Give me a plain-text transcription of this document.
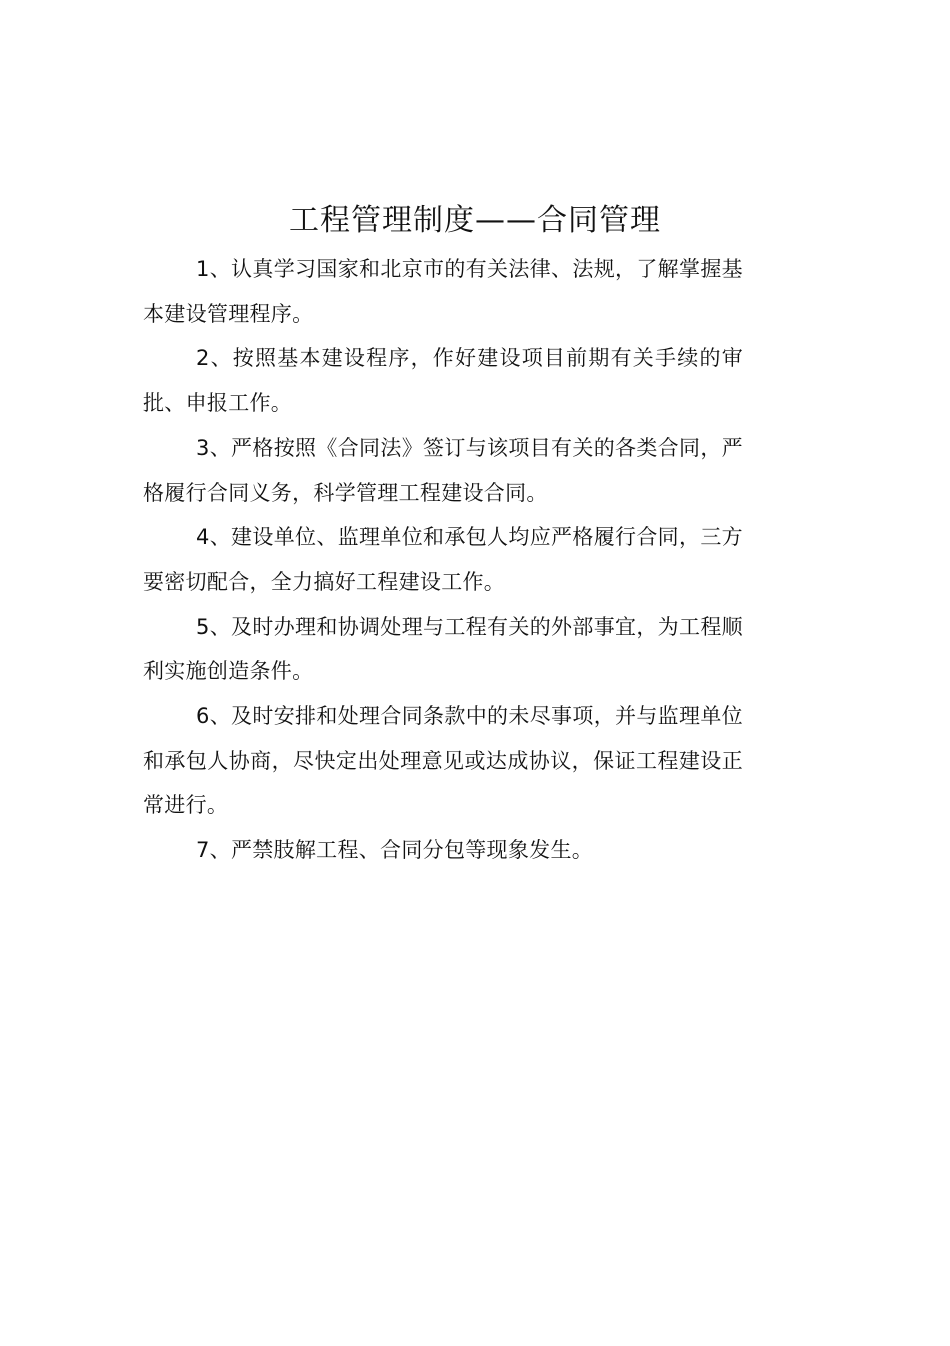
工程管理制度——合同管理

1、认真学习国家和北京市的有关法律、法规，了解掌握基本建设管理程序。

2、按照基本建设程序，作好建设项目前期有关手续的审批、申报工作。

3、严格按照《合同法》签订与该项目有关的各类合同，严格履行合同义务，科学管理工程建设合同。

4、建设单位、监理单位和承包人均应严格履行合同，三方要密切配合，全力搞好工程建设工作。

5、及时办理和协调处理与工程有关的外部事宜，为工程顺利实施创造条件。

6、及时安排和处理合同条款中的未尽事项，并与监理单位和承包人协商，尽快定出处理意见或达成协议，保证工程建设正常进行。

7、严禁肢解工程、合同分包等现象发生。
